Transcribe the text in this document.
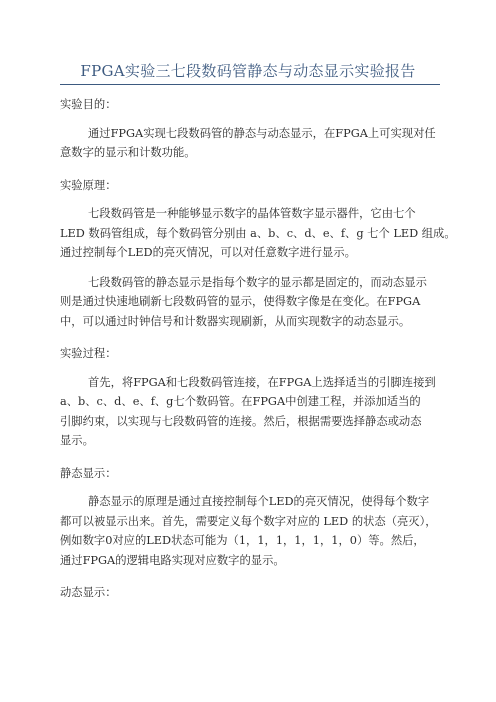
FPGA实验三七段数码管静态与动态显示实验报告

实验目的：

通过FPGA实现七段数码管的静态与动态显示，在FPGA上可实现对任
意数字的显示和计数功能。

实验原理：

七段数码管是一种能够显示数字的晶体管数字显示器件，它由七个
LED 数码管组成，每个数码管分别由 a、b、c、d、e、f、g 七个 LED 组成。
通过控制每个LED的亮灭情况，可以对任意数字进行显示。

七段数码管的静态显示是指每个数字的显示都是固定的，而动态显示
则是通过快速地刷新七段数码管的显示，使得数字像是在变化。在FPGA
中，可以通过时钟信号和计数器实现刷新，从而实现数字的动态显示。

实验过程：

首先，将FPGA和七段数码管连接，在FPGA上选择适当的引脚连接到
a、b、c、d、e、f、g七个数码管。在FPGA中创建工程，并添加适当的
引脚约束，以实现与七段数码管的连接。然后，根据需要选择静态或动态
显示。

静态显示：

静态显示的原理是通过直接控制每个LED的亮灭情况，使得每个数字
都可以被显示出来。首先，需要定义每个数字对应的 LED 的状态（亮灭），
例如数字0对应的LED状态可能为（1，1，1，1，1，1，0）等。然后，
通过FPGA的逻辑电路实现对应数字的显示。

动态显示：
